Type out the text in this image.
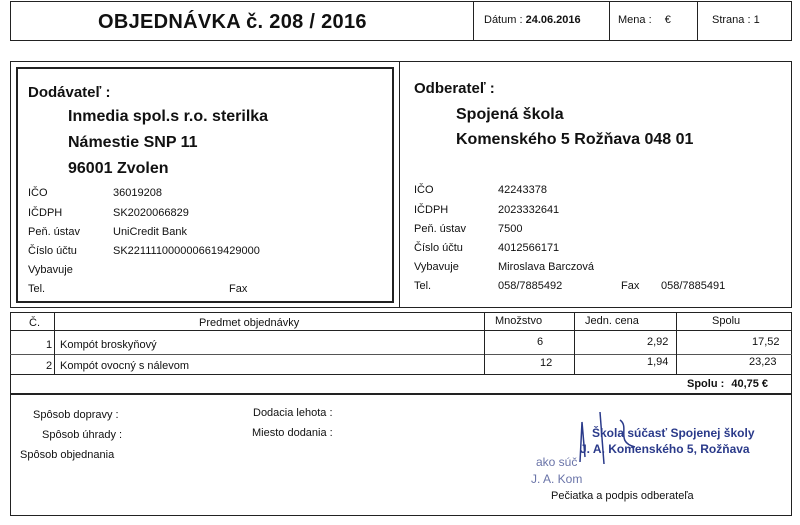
OBJEDNÁVKA č. 208 / 2016	Dátum : 24.06.2016	Mena : €	Strana : 1
Dodávateľ :
Inmedia spol.s r.o. sterilka
Námestie SNP 11
96001 Zvolen
IČO	36019208
IČDPH	SK2020066829
Peň. ústav	UniCredit Bank
Číslo účtu	SK2211110000006619429000
Vybavuje
Tel.	Fax
Odberateľ :
Spojená škola
Komenského 5 Rožňava 048 01
IČO	42243378
IČDPH	2023332641
Peň. ústav	7500
Číslo účtu	4012566171
Vybavuje	Miroslava Barczová
Tel.	058/7885492	Fax 058/7885491
Č.	Predmet objednávky	Množstvo	Jedn. cena	Spolu
1 Kompót broskyňový	6	2,92	17,52
2 Kompót ovocný s nálevom	12	1,94	23,23
Spolu : 40,75 €
Spôsob dopravy :
Spôsob úhrady :
Spôsob objednania
Dodacia lehota :
Miesto dodania :	Škola súčasť Spojenej školy
J. A. Komenského 5, Rožňava
ako súč
J. A. Kom
Pečiatka a podpis odberateľa
